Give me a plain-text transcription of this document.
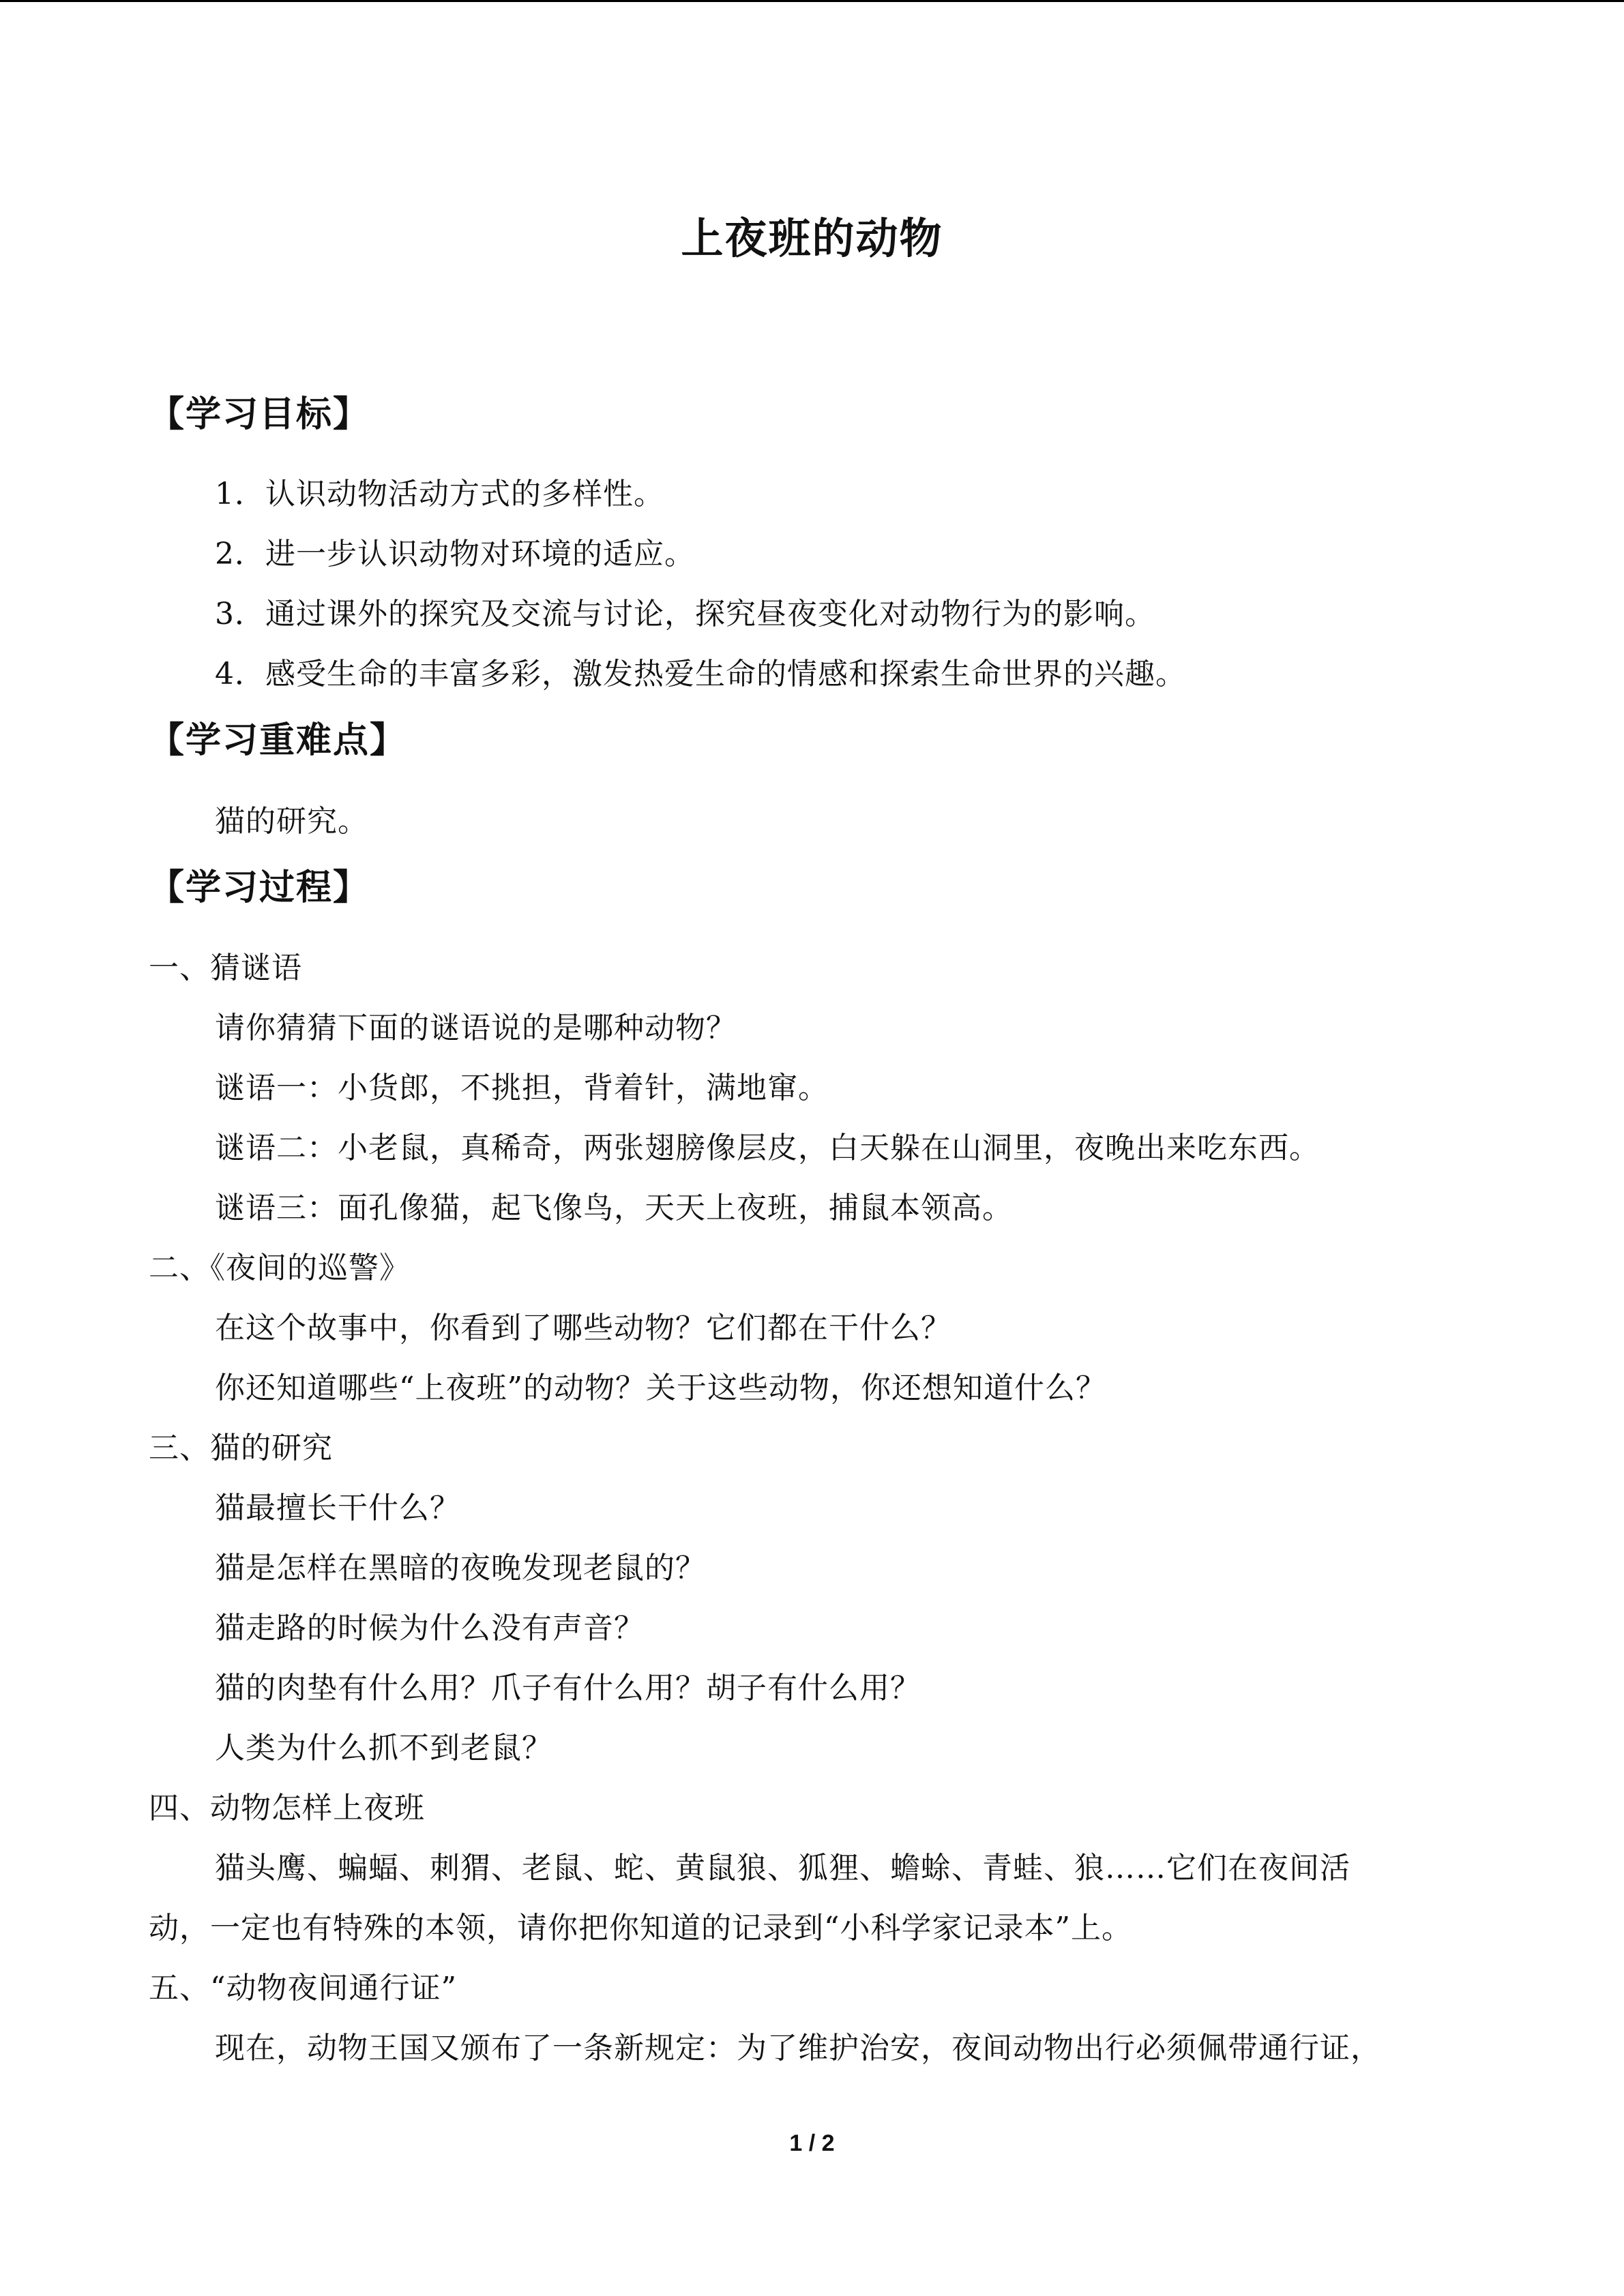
上夜班的动物
【学习目标】
1．认识动物活动方式的多样性。
2．进一步认识动物对环境的适应。
3．通过课外的探究及交流与讨论，探究昼夜变化对动物行为的影响。
4．感受生命的丰富多彩，激发热爱生命的情感和探索生命世界的兴趣。
【学习重难点】
猫的研究。
【学习过程】
一、猜谜语
请你猜猜下面的谜语说的是哪种动物？
谜语一：小货郎，不挑担，背着针，满地窜。
谜语二：小老鼠，真稀奇，两张翅膀像层皮，白天躲在山洞里，夜晚出来吃东西。
谜语三：面孔像猫，起飞像鸟，天天上夜班，捕鼠本领高。
二、《夜间的巡警》
在这个故事中，你看到了哪些动物？它们都在干什么？
你还知道哪些“上夜班”的动物？关于这些动物，你还想知道什么？
三、猫的研究
猫最擅长干什么？
猫是怎样在黑暗的夜晚发现老鼠的？
猫走路的时候为什么没有声音？
猫的肉垫有什么用？爪子有什么用？胡子有什么用？
人类为什么抓不到老鼠？
四、动物怎样上夜班
猫头鹰、蝙蝠、刺猬、老鼠、蛇、黄鼠狼、狐狸、蟾蜍、青蛙、狼……它们在夜间活
动，一定也有特殊的本领，请你把你知道的记录到“小科学家记录本”上。
五、“动物夜间通行证”
现在，动物王国又颁布了一条新规定：为了维护治安，夜间动物出行必须佩带通行证，
1 / 2
